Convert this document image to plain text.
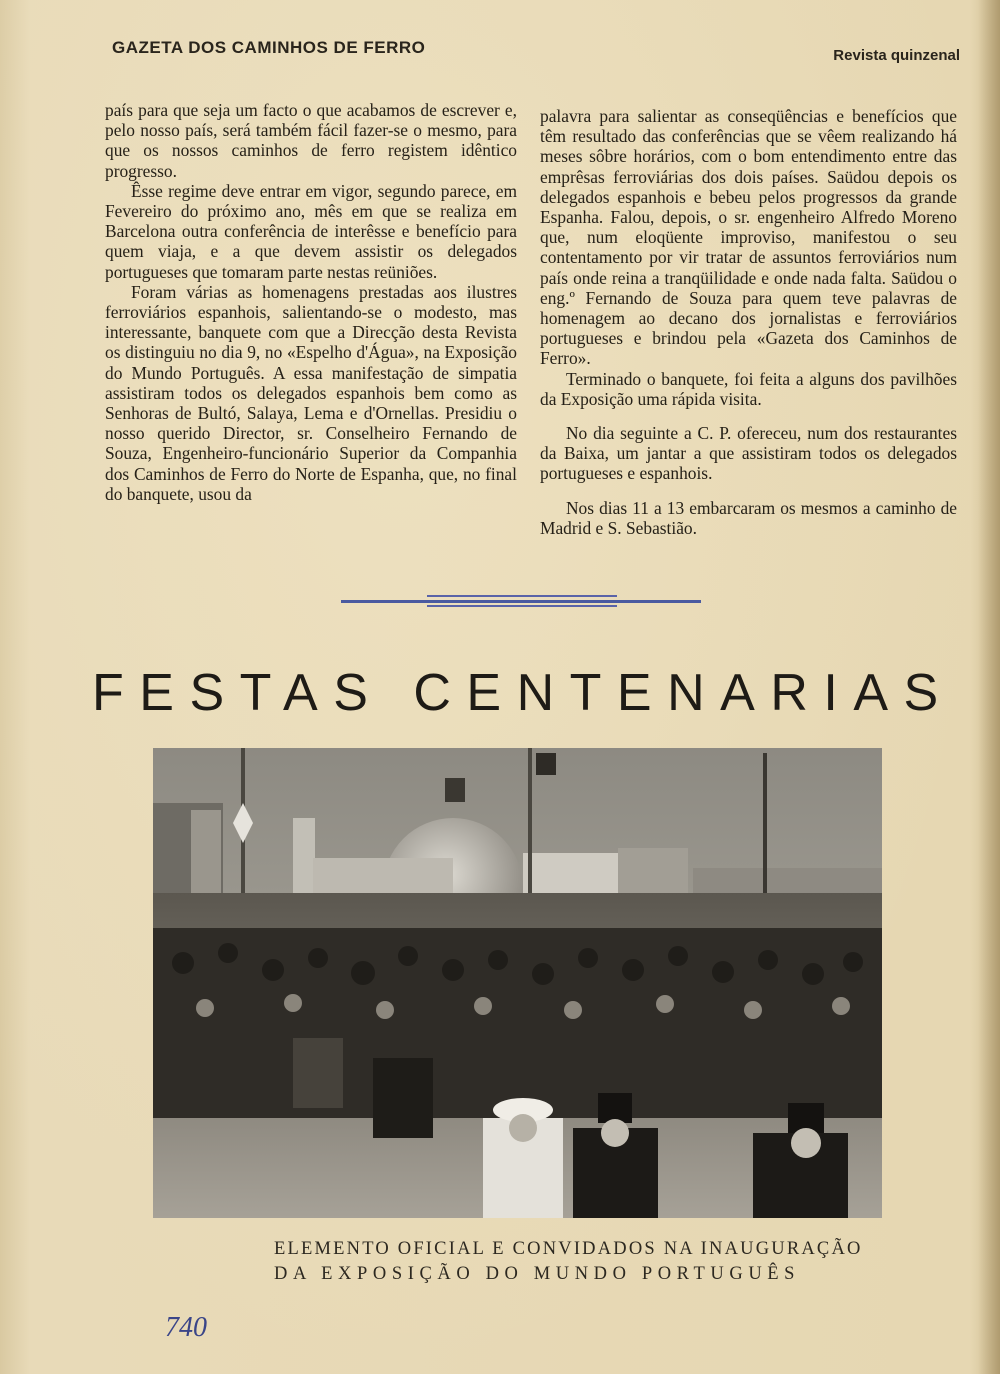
GAZETA DOS CAMINHOS DE FERRO	Revista quinzenal

país para que seja um facto o que acabamos de escrever e, pelo nosso país, será também fácil fazer-se o mesmo, para que os nossos caminhos de ferro registem idêntico progresso.

Êsse regime deve entrar em vigor, segundo parece, em Fevereiro do próximo ano, mês em que se realiza em Barcelona outra conferência de interêsse e benefício para quem viaja, e a que devem assistir os delegados portugueses que tomaram parte nestas reüniões.

Foram várias as homenagens prestadas aos ilustres ferroviários espanhois, salientando-se o modesto, mas interessante, banquete com que a Direcção desta Revista os distinguiu no dia 9, no «Espelho d'Água», na Exposição do Mundo Português. A essa manifestação de simpatia assistiram todos os delegados espanhois bem como as Senhoras de Bultó, Salaya, Lema e d'Ornellas. Presidiu o nosso querido Director, sr. Conselheiro Fernando de Souza, Engenheiro-funcionário Superior da Companhia dos Caminhos de Ferro do Norte de Espanha, que, no final do banquete, usou da

palavra para salientar as conseqüências e benefícios que têm resultado das conferências que se vêem realizando há meses sôbre horários, com o bom entendimento entre das emprêsas ferroviárias dos dois países. Saüdou depois os delegados espanhois e bebeu pelos progressos da grande Espanha. Falou, depois, o sr. engenheiro Alfredo Moreno que, num eloqüente improviso, manifestou o seu contentamento por vir tratar de assuntos ferroviários num país onde reina a tranqüilidade e onde nada falta. Saüdou o eng.º Fernando de Souza para quem teve palavras de homenagem ao decano dos jornalistas e ferroviários portugueses e brindou pela «Gazeta dos Caminhos de Ferro».

Terminado o banquete, foi feita a alguns dos pavilhões da Exposição uma rápida visita.

No dia seguinte a C. P. ofereceu, num dos restaurantes da Baixa, um jantar a que assistiram todos os delegados portugueses e espanhois.

Nos dias 11 a 13 embarcaram os mesmos a caminho de Madrid e S. Sebastião.

FESTAS CENTENARIAS
ELEMENTO OFICIAL E CONVIDADOS NA INAUGURAÇÃO
DA EXPOSIÇÃO DO MUNDO PORTUGUÊS
740
